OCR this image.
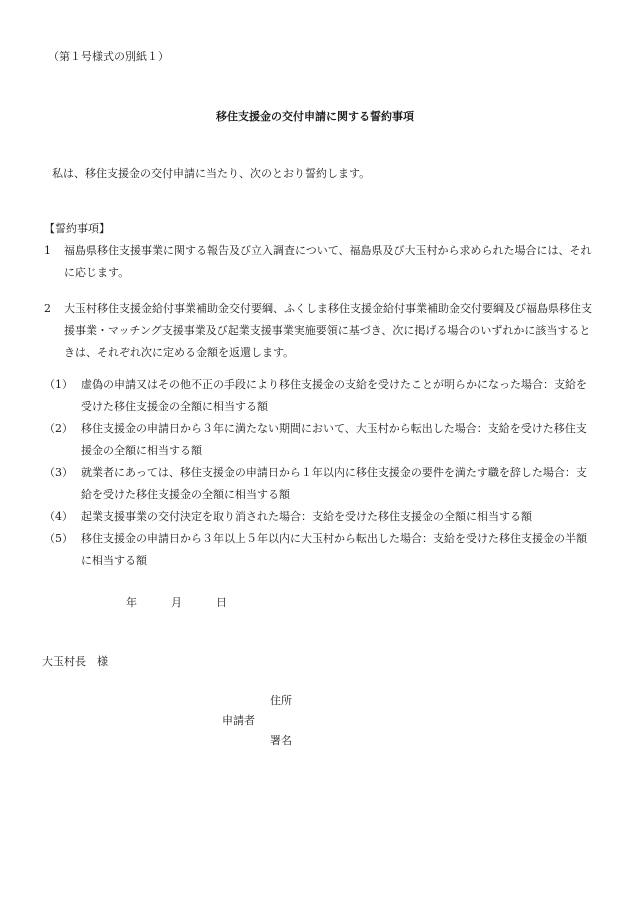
（第１号様式の別紙１）
移住支援金の交付申請に関する誓約事項
私は、移住支援金の交付申請に当たり、次のとおり誓約します。
【誓約事項】
1	福島県移住支援事業に関する報告及び立入調査について、福島県及び大玉村から求められた場合には、それに応じます。
2	大玉村移住支援金給付事業補助金交付要綱、ふくしま移住支援金給付事業補助金交付要綱及び福島県移住支援事業・マッチング支援事業及び起業支援事業実施要領に基づき、次に掲げる場合のいずれかに該当するときは、それぞれ次に定める金額を返還します。
（1） 虚偽の申請又はその他不正の手段により移住支援金の支給を受けたことが明らかになった場合：支給を受けた移住支援金の全額に相当する額
（2） 移住支援金の申請日から３年に満たない期間において、大玉村から転出した場合：支給を受けた移住支援金の全額に相当する額
（3） 就業者にあっては、移住支援金の申請日から１年以内に移住支援金の要件を満たす職を辞した場合：支給を受けた移住支援金の全額に相当する額
（4） 起業支援事業の交付決定を取り消された場合：支給を受けた移住支援金の全額に相当する額
（5） 移住支援金の申請日から３年以上５年以内に大玉村から転出した場合：支給を受けた移住支援金の半額に相当する額
年	月	日
大玉村長　様
住所
申請者
署名
